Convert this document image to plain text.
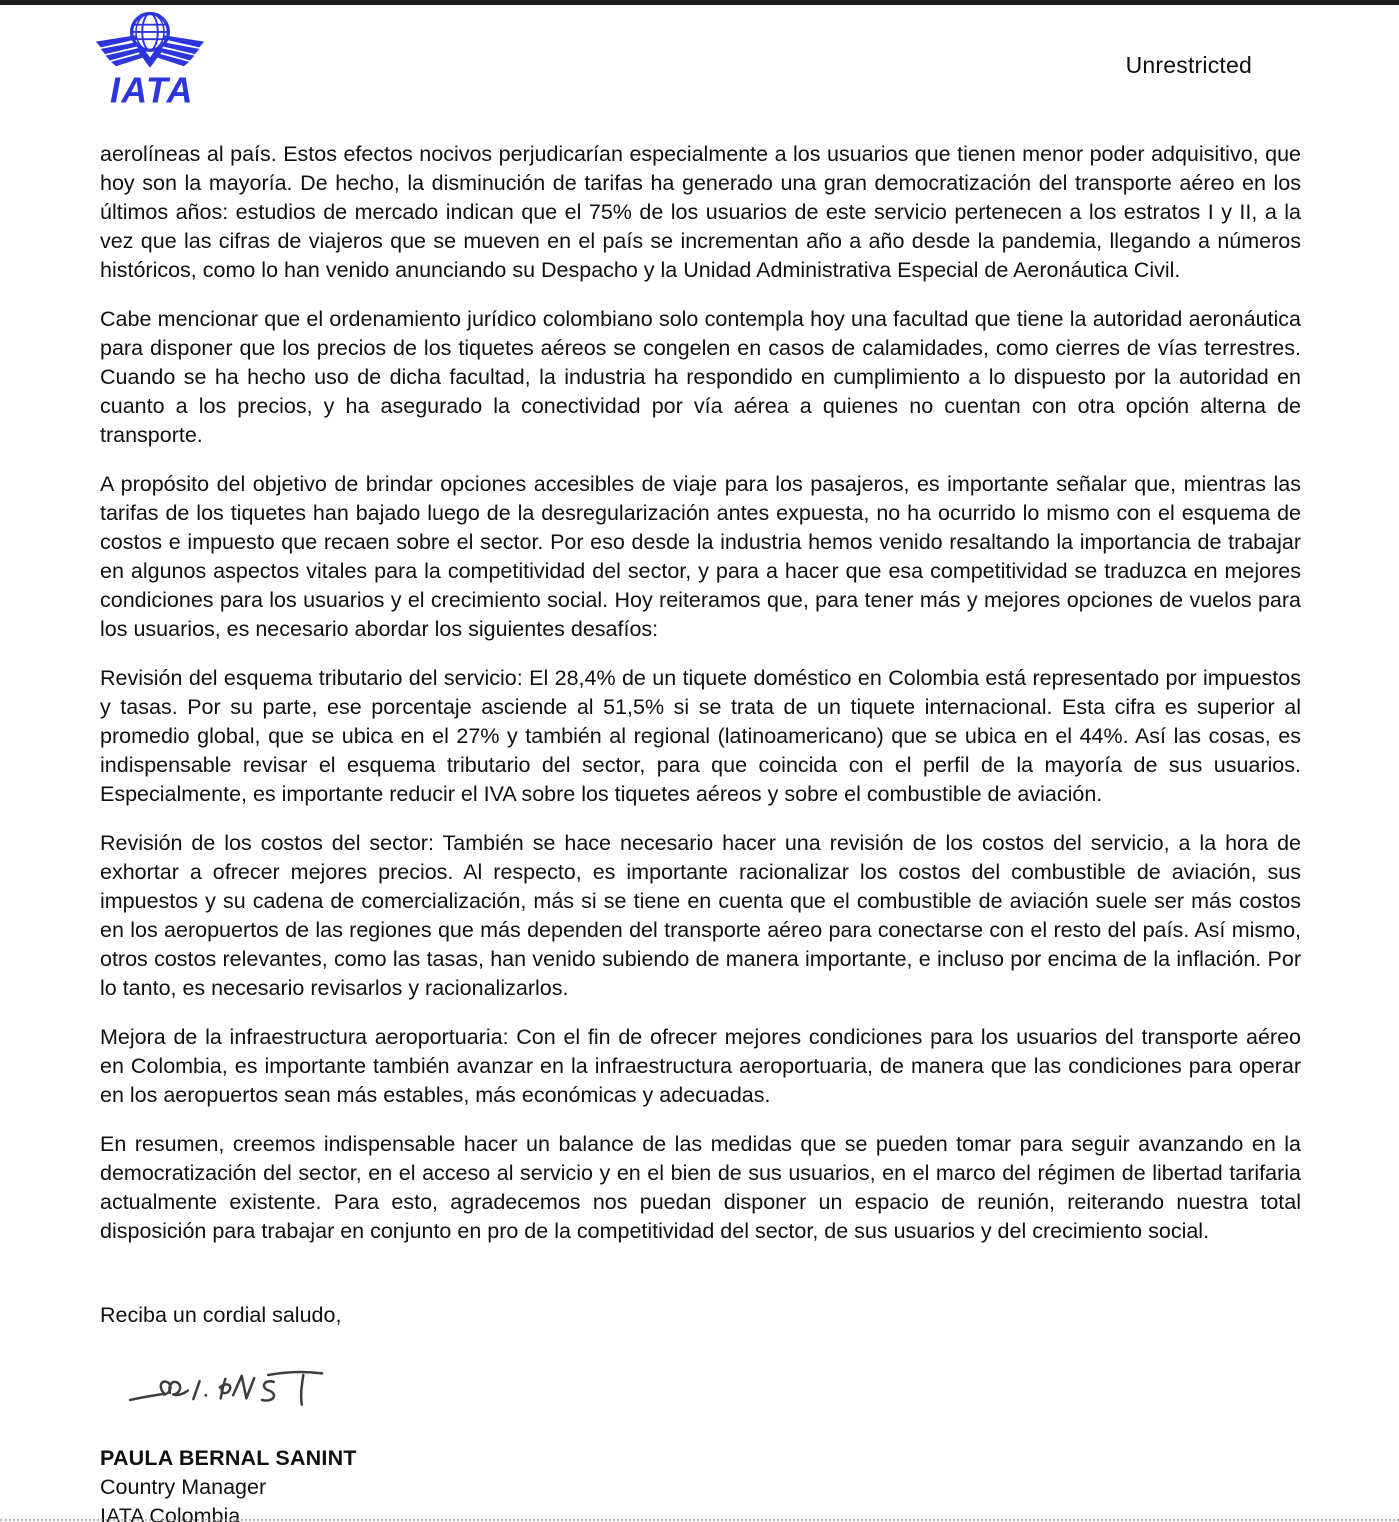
IATA
Unrestricted

aerolíneas al país. Estos efectos nocivos perjudicarían especialmente a los usuarios que tienen menor poder adquisitivo, que hoy son la mayoría. De hecho, la disminución de tarifas ha generado una gran democratización del transporte aéreo en los últimos años: estudios de mercado indican que el 75% de los usuarios de este servicio pertenecen a los estratos I y II, a la vez que las cifras de viajeros que se mueven en el país se incrementan año a año desde la pandemia, llegando a números históricos, como lo han venido anunciando su Despacho y la Unidad Administrativa Especial de Aeronáutica Civil.

Cabe mencionar que el ordenamiento jurídico colombiano solo contempla hoy una facultad que tiene la autoridad aeronáutica para disponer que los precios de los tiquetes aéreos se congelen en casos de calamidades, como cierres de vías terrestres. Cuando se ha hecho uso de dicha facultad, la industria ha respondido en cumplimiento a lo dispuesto por la autoridad en cuanto a los precios, y ha asegurado la conectividad por vía aérea a quienes no cuentan con otra opción alterna de transporte.

A propósito del objetivo de brindar opciones accesibles de viaje para los pasajeros, es importante señalar que, mientras las tarifas de los tiquetes han bajado luego de la desregularización antes expuesta, no ha ocurrido lo mismo con el esquema de costos e impuesto que recaen sobre el sector. Por eso desde la industria hemos venido resaltando la importancia de trabajar en algunos aspectos vitales para la competitividad del sector, y para a hacer que esa competitividad se traduzca en mejores condiciones para los usuarios y el crecimiento social. Hoy reiteramos que, para tener más y mejores opciones de vuelos para los usuarios, es necesario abordar los siguientes desafíos:

Revisión del esquema tributario del servicio: El 28,4% de un tiquete doméstico en Colombia está representado por impuestos y tasas. Por su parte, ese porcentaje asciende al 51,5% si se trata de un tiquete internacional. Esta cifra es superior al promedio global, que se ubica en el 27% y también al regional (latinoamericano) que se ubica en el 44%. Así las cosas, es indispensable revisar el esquema tributario del sector, para que coincida con el perfil de la mayoría de sus usuarios. Especialmente, es importante reducir el IVA sobre los tiquetes aéreos y sobre el combustible de aviación.

Revisión de los costos del sector: También se hace necesario hacer una revisión de los costos del servicio, a la hora de exhortar a ofrecer mejores precios. Al respecto, es importante racionalizar los costos del combustible de aviación, sus impuestos y su cadena de comercialización, más si se tiene en cuenta que el combustible de aviación suele ser más costos en los aeropuertos de las regiones que más dependen del transporte aéreo para conectarse con el resto del país. Así mismo, otros costos relevantes, como las tasas, han venido subiendo de manera importante, e incluso por encima de la inflación. Por lo tanto, es necesario revisarlos y racionalizarlos.

Mejora de la infraestructura aeroportuaria: Con el fin de ofrecer mejores condiciones para los usuarios del transporte aéreo en Colombia, es importante también avanzar en la infraestructura aeroportuaria, de manera que las condiciones para operar en los aeropuertos sean más estables, más económicas y adecuadas.

En resumen, creemos indispensable hacer un balance de las medidas que se pueden tomar para seguir avanzando en la democratización del sector, en el acceso al servicio y en el bien de sus usuarios, en el marco del régimen de libertad tarifaria actualmente existente. Para esto, agradecemos nos puedan disponer un espacio de reunión, reiterando nuestra total disposición para trabajar en conjunto en pro de la competitividad del sector, de sus usuarios y del crecimiento social.

Reciba un cordial saludo,

PAULA BERNAL SANINT
Country Manager
IATA Colombia
